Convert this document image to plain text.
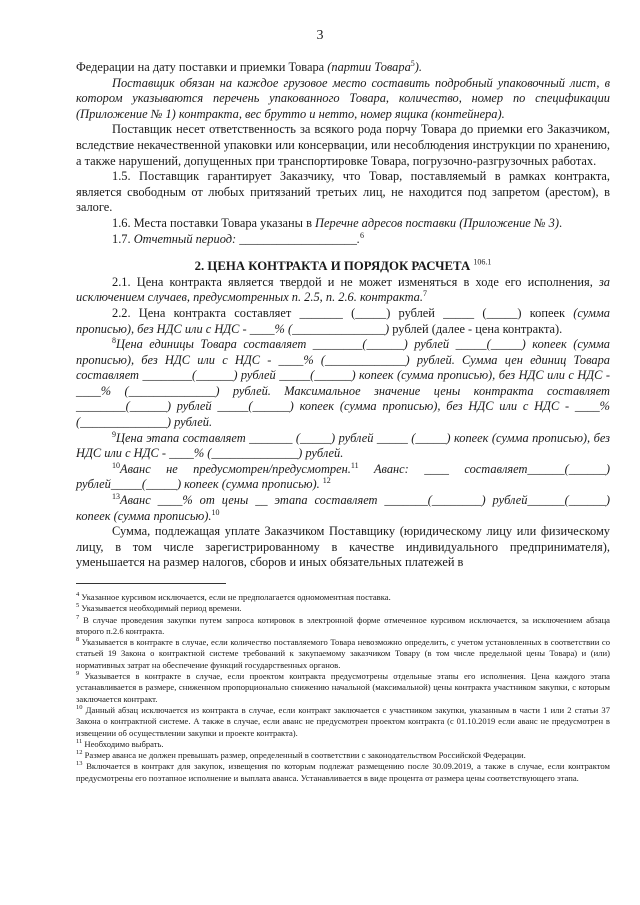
3

Федерации на дату поставки и приемки Товара (партии Товара$^5$).

Поставщик обязан на каждое грузовое место составить подробный упаковочный лист, в котором указываются перечень упакованного Товара, количество, номер по спецификации (Приложение № 1) контракта, вес брутто и нетто, номер ящика (контейнера).

Поставщик несет ответственность за всякого рода порчу Товара до приемки его Заказчиком, вследствие некачественной упаковки или консервации, или несоблюдения инструкции по хранению, а также нарушений, допущенных при транспортировке Товара, погрузочно-разгрузочных работах.

1.5. Поставщик гарантирует Заказчику, что Товар, поставляемый в рамках контракта, является свободным от любых притязаний третьих лиц, не находится под запретом (арестом), в залоге.

1.6. Места поставки Товара указаны в Перечне адресов поставки (Приложение № 3).

1.7. Отчетный период: ___________________.$^6$

2. ЦЕНА КОНТРАКТА И ПОРЯДОК РАСЧЕТА $^{106.1}$

2.1. Цена контракта является твердой и не может изменяться в ходе его исполнения, за исключением случаев, предусмотренных п. 2.5, п. 2.6. контракта.$^7$

2.2. Цена контракта составляет _______ (_____) рублей _____ (_____) копеек (сумма прописью), без НДС или с НДС - ____% (_______________) рублей (далее - цена контракта).

$^8$Цена единицы Товара составляет ________(______) рублей _____(_____) копеек (сумма прописью), без НДС или с НДС - ____% (_____________) рублей. Сумма цен единиц Товара составляет ________(______) рублей _____(______) копеек (сумма прописью), без НДС или с НДС - ____% (______________) рублей. Максимальное значение цены контракта составляет ________(______) рублей _____(______) копеек (сумма прописью), без НДС или с НДС - ____% (______________) рублей.

$^9$Цена этапа составляет _______ (_____) рублей _____ (_____) копеек (сумма прописью), без НДС или с НДС - ____% (______________) рублей.

$^{10}$Аванс не предусмотрен/предусмотрен.$^{11}$ Аванс: ____ составляет______(______) рублей_____(_____) копеек (сумма прописью). $^{12}$

$^{13}$Аванс ____% от цены __ этапа составляет _______(________) рублей______(______) копеек (сумма прописью).$^{10}$

Сумма, подлежащая уплате Заказчиком Поставщику (юридическому лицу или физическому лицу, в том числе зарегистрированному в качестве индивидуального предпринимателя), уменьшается на размер налогов, сборов и иных обязательных платежей в

$^4$ Указанное курсивом исключается, если не предполагается одномоментная поставка.

$^5$ Указывается необходимый период времени.

$^7$ В случае проведения закупки путем запроса котировок в электронной форме отмеченное курсивом исключается, за исключением абзаца второго п.2.6 контракта.

$^8$ Указывается в контракте в случае, если количество поставляемого Товара невозможно определить, с учетом установленных в соответствии со статьей 19 Закона о контрактной системе требований к закупаемому заказчиком Товару (в том числе предельной цены Товара) и (или) нормативных затрат на обеспечение функций государственных органов.

$^9$ Указывается в контракте в случае, если проектом контракта предусмотрены отдельные этапы его исполнения. Цена каждого этапа устанавливается в размере, сниженном пропорционально снижению начальной (максимальной) цены контракта участником закупки, с которым заключается контракт.

$^{10}$ Данный абзац исключается из контракта в случае, если контракт заключается с участником закупки, указанным в части 1 или 2 статьи 37 Закона о контрактной системе. А также в случае, если аванс не предусмотрен проектом контракта (с 01.10.2019 если аванс не предусмотрен в извещении об осуществлении закупки и проекте контракта).

$^{11}$ Необходимо выбрать.

$^{12}$ Размер аванса не должен превышать размер, определенный в соответствии с законодательством Российской Федерации.

$^{13}$ Включается в контракт для закупок, извещения по которым подлежат размещению после 30.09.2019, а также в случае, если контрактом предусмотрены его поэтапное исполнение и выплата аванса. Устанавливается в виде процента от размера цены соответствующего этапа.
